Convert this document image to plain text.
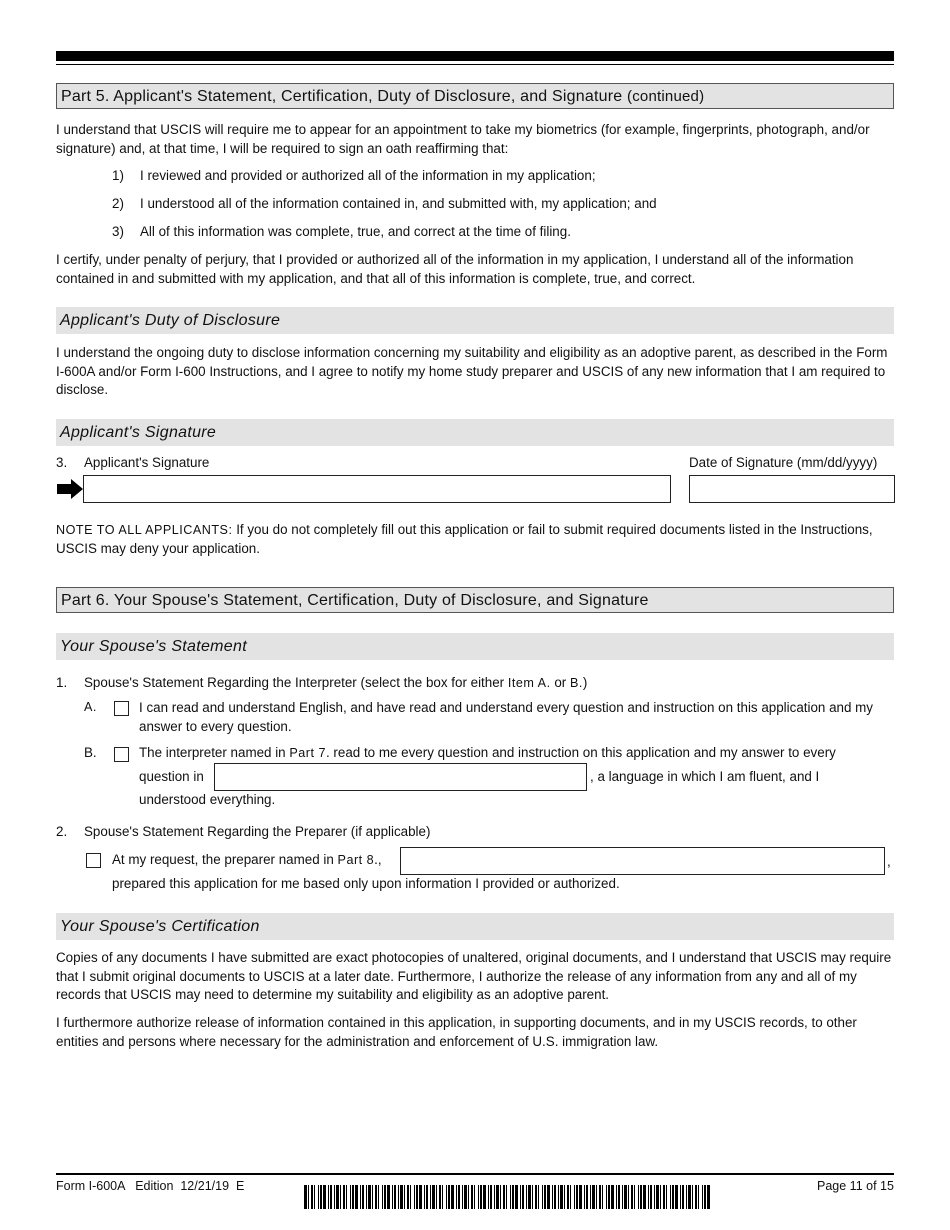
Part 5. Applicant's Statement, Certification, Duty of Disclosure, and Signature (continued)
I understand that USCIS will require me to appear for an appointment to take my biometrics (for example, fingerprints, photograph, and/or signature) and, at that time, I will be required to sign an oath reaffirming that:
1) I reviewed and provided or authorized all of the information in my application;
2) I understood all of the information contained in, and submitted with, my application; and
3) All of this information was complete, true, and correct at the time of filing.
I certify, under penalty of perjury, that I provided or authorized all of the information in my application, I understand all of the information contained in and submitted with my application, and that all of this information is complete, true, and correct.
Applicant's Duty of Disclosure
I understand the ongoing duty to disclose information concerning my suitability and eligibility as an adoptive parent, as described in the Form I-600A and/or Form I-600 Instructions, and I agree to notify my home study preparer and USCIS of any new information that I am required to disclose.
Applicant's Signature
3. Applicant's Signature	Date of Signature (mm/dd/yyyy)
NOTE TO ALL APPLICANTS: If you do not completely fill out this application or fail to submit required documents listed in the Instructions, USCIS may deny your application.
Part 6. Your Spouse's Statement, Certification, Duty of Disclosure, and Signature
Your Spouse's Statement
1. Spouse's Statement Regarding the Interpreter (select the box for either Item A. or B.)
A.	I can read and understand English, and have read and understand every question and instruction on this application and my answer to every question.
B.	The interpreter named in Part 7. read to me every question and instruction on this application and my answer to every
question in	, a language in which I am fluent, and I
understood everything.
2. Spouse's Statement Regarding the Preparer (if applicable)
At my request, the preparer named in Part 8.,	,
prepared this application for me based only upon information I provided or authorized.
Your Spouse's Certification
Copies of any documents I have submitted are exact photocopies of unaltered, original documents, and I understand that USCIS may require that I submit original documents to USCIS at a later date. Furthermore, I authorize the release of any information from any and all of my records that USCIS may need to determine my suitability and eligibility as an adoptive parent.
I furthermore authorize release of information contained in this application, in supporting documents, and in my USCIS records, to other entities and persons where necessary for the administration and enforcement of U.S. immigration law.
Form I-600A   Edition  12/21/19  E	Page 11 of 15
